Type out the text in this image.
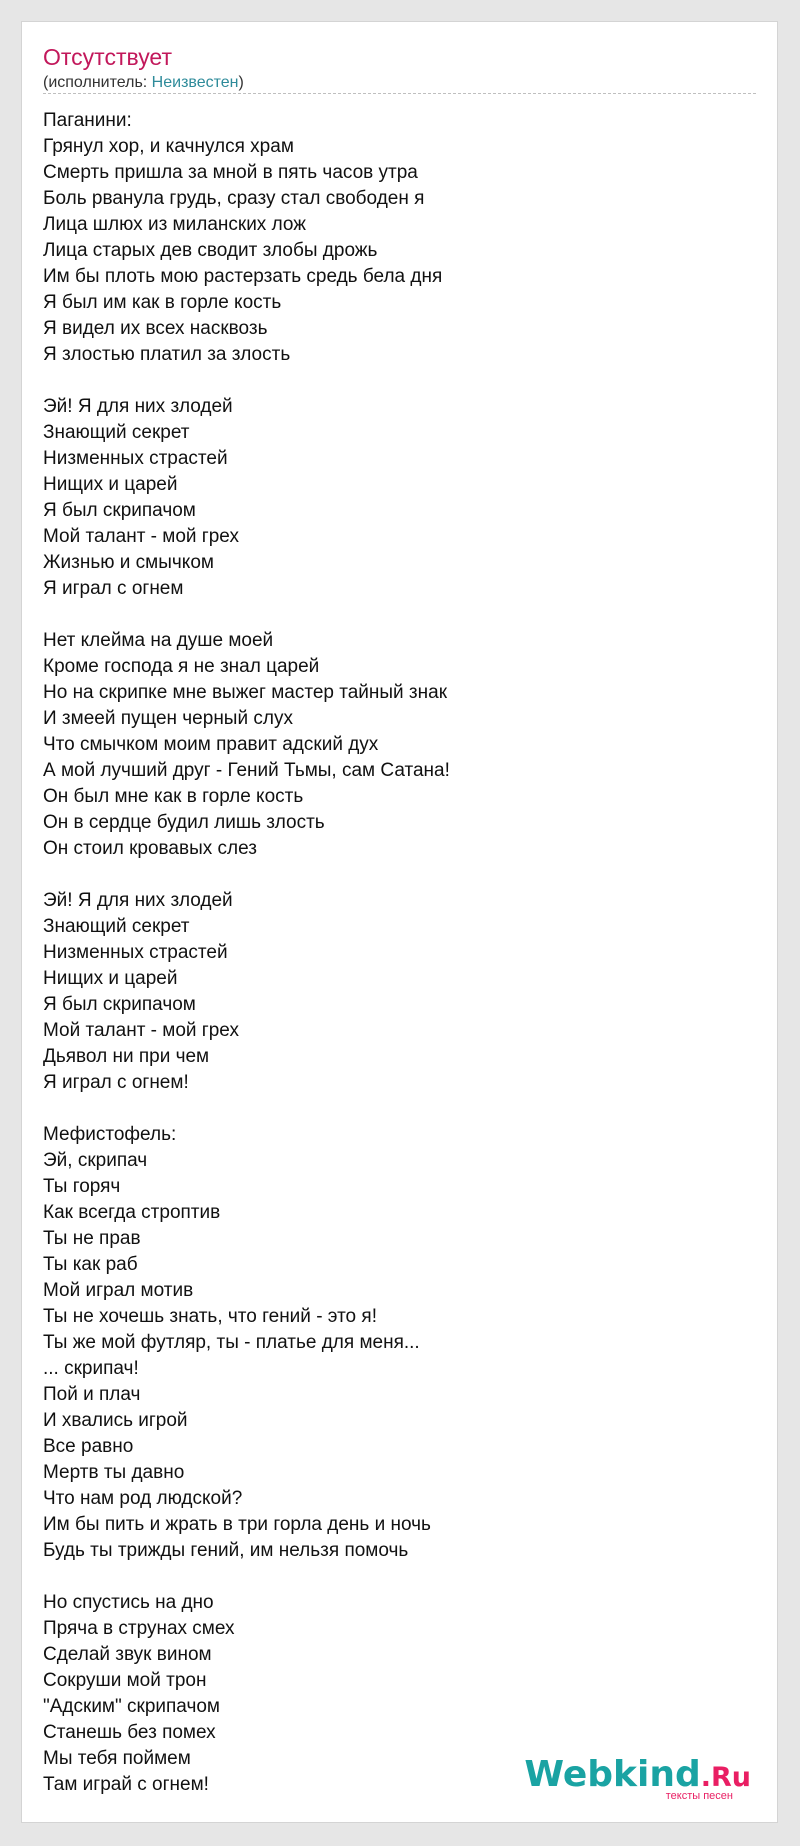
Отсутствует
(исполнитель: Неизвестен)
Паганини:
Грянул хор, и качнулся храм
Смерть пришла за мной в пять часов утра
Боль рванула грудь, сразу стал свободен я
Лица шлюх из миланских лож
Лица старых дев сводит злобы дрожь
Им бы плоть мою растерзать средь бела дня
Я был им как в горле кость
Я видел их всех насквозь
Я злостью платил за злость
Эй! Я для них злодей
Знающий секрет
Низменных страстей
Нищих и царей
Я был скрипачом
Мой талант - мой грех
Жизнью и смычком
Я играл с огнем
Нет клейма на душе моей
Кроме господа я не знал царей
Но на скрипке мне выжег мастер тайный знак
И змеей пущен черный слух
Что смычком моим правит адский дух
А мой лучший друг - Гений Тьмы, сам Сатана!
Он был мне как в горле кость
Он в сердце будил лишь злость
Он стоил кровавых слез
Эй! Я для них злодей
Знающий секрет
Низменных страстей
Нищих и царей
Я был скрипачом
Мой талант - мой грех
Дьявол ни при чем
Я играл с огнем!
Мефистофель:
Эй, скрипач
Ты горяч
Как всегда строптив
Ты не прав
Ты как раб
Мой играл мотив
Ты не хочешь знать, что гений - это я!
Ты же мой футляр, ты - платье для меня...
... скрипач!
Пой и плач
И хвались игрой
Все равно
Мертв ты давно
Что нам род людской?
Им бы пить и жрать в три горла день и ночь
Будь ты трижды гений, им нельзя помочь
Но спустись на дно
Пряча в струнах смех
Сделай звук вином
Сокруши мой трон
"Адским" скрипачом
Станешь без помех
Мы тебя поймем
Там играй с огнем!	Webkind.Ru
тексты песен
